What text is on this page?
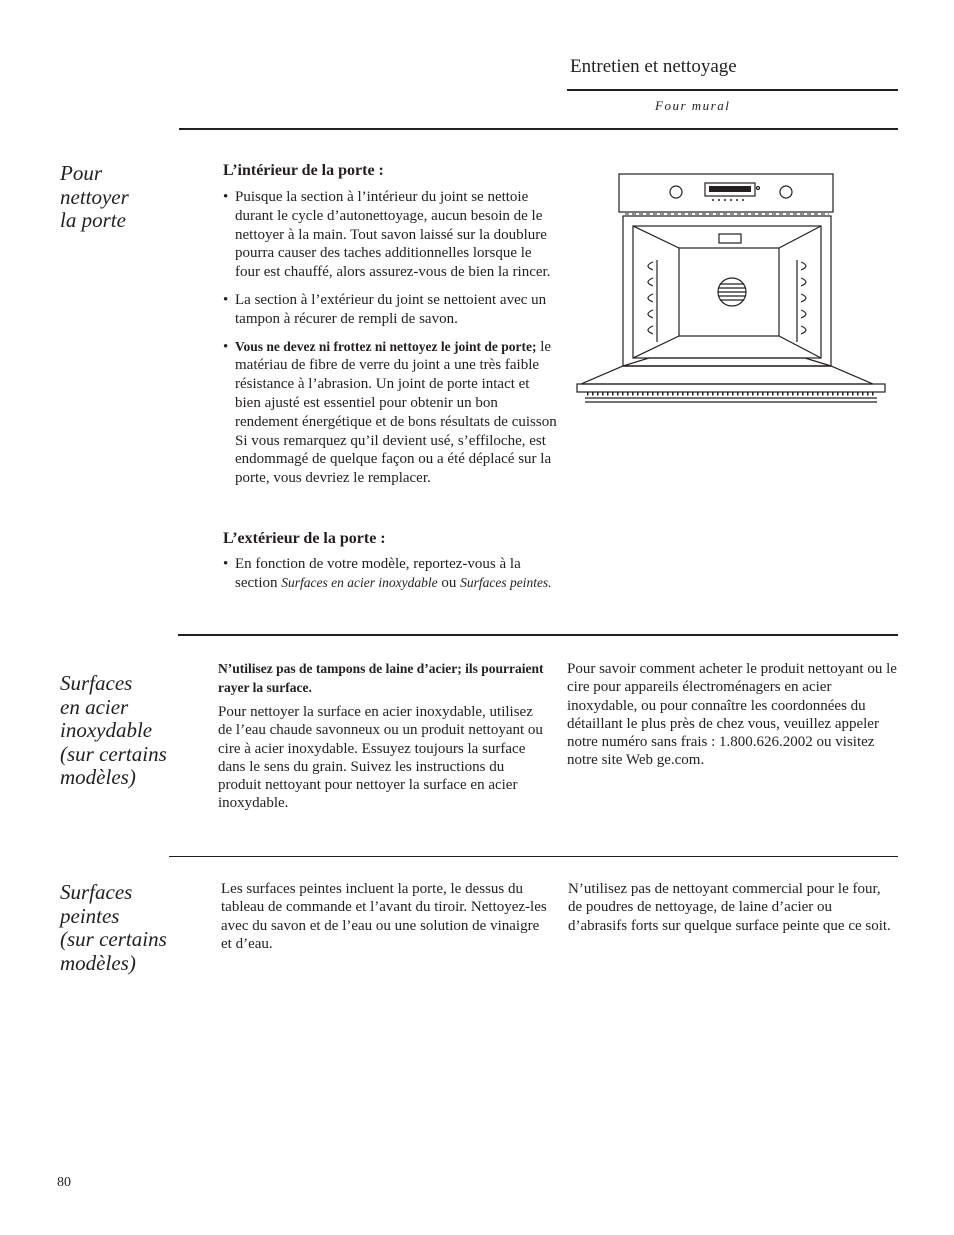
Entretien et nettoyage
Four mural
Pour
nettoyer
la porte
L’intérieur de la porte :
• Puisque la section à l’intérieur du joint se nettoie durant le cycle d’autonettoyage, aucun besoin de le nettoyer à la main. Tout savon laissé sur la doublure pourra causer des taches additionnelles lorsque le four est chauffé, alors assurez-vous de bien la rincer.

• La section à l’extérieur du joint se nettoient avec un tampon à récurer de rempli de savon.

• Vous ne devez ni frottez ni nettoyez le joint de porte; le matériau de fibre de verre du joint a une très faible résistance à l’abrasion. Un joint de porte intact et bien ajusté est essentiel pour obtenir un bon rendement énergétique et de bons résultats de cuisson Si vous remarquez qu’il devient usé, s’effiloche, est endommagé de quelque façon ou a été déplacé sur la porte, vous devriez le remplacer.

L’extérieur de la porte :
• En fonction de votre modèle, reportez-vous à la section Surfaces en acier inoxydable ou Surfaces peintes.

Surfaces
en acier
inoxydable
(sur certains
modèles)

N’utilisez pas de tampons de laine d’acier; ils pourraient rayer la surface.

Pour nettoyer la surface en acier inoxydable, utilisez de l’eau chaude savonneux ou un produit nettoyant ou cire à acier inoxydable. Essuyez toujours la surface dans le sens du grain. Suivez les instructions du produit nettoyant pour nettoyer la surface en acier inoxydable.

Pour savoir comment acheter le produit nettoyant ou le cire pour appareils électroménagers en acier inoxydable, ou pour connaître les coordonnées du détaillant le plus près de chez vous, veuillez appeler notre numéro sans frais : 1.800.626.2002 ou visitez notre site Web ge.com.

Surfaces
peintes
(sur certains
modèles)

Les surfaces peintes incluent la porte, le dessus du tableau de commande et l’avant du tiroir. Nettoyez-les avec du savon et de l’eau ou une solution de vinaigre et d’eau.

N’utilisez pas de nettoyant commercial pour le four, de poudres de nettoyage, de laine d’acier ou d’abrasifs forts sur quelque surface peinte que ce soit.

80
